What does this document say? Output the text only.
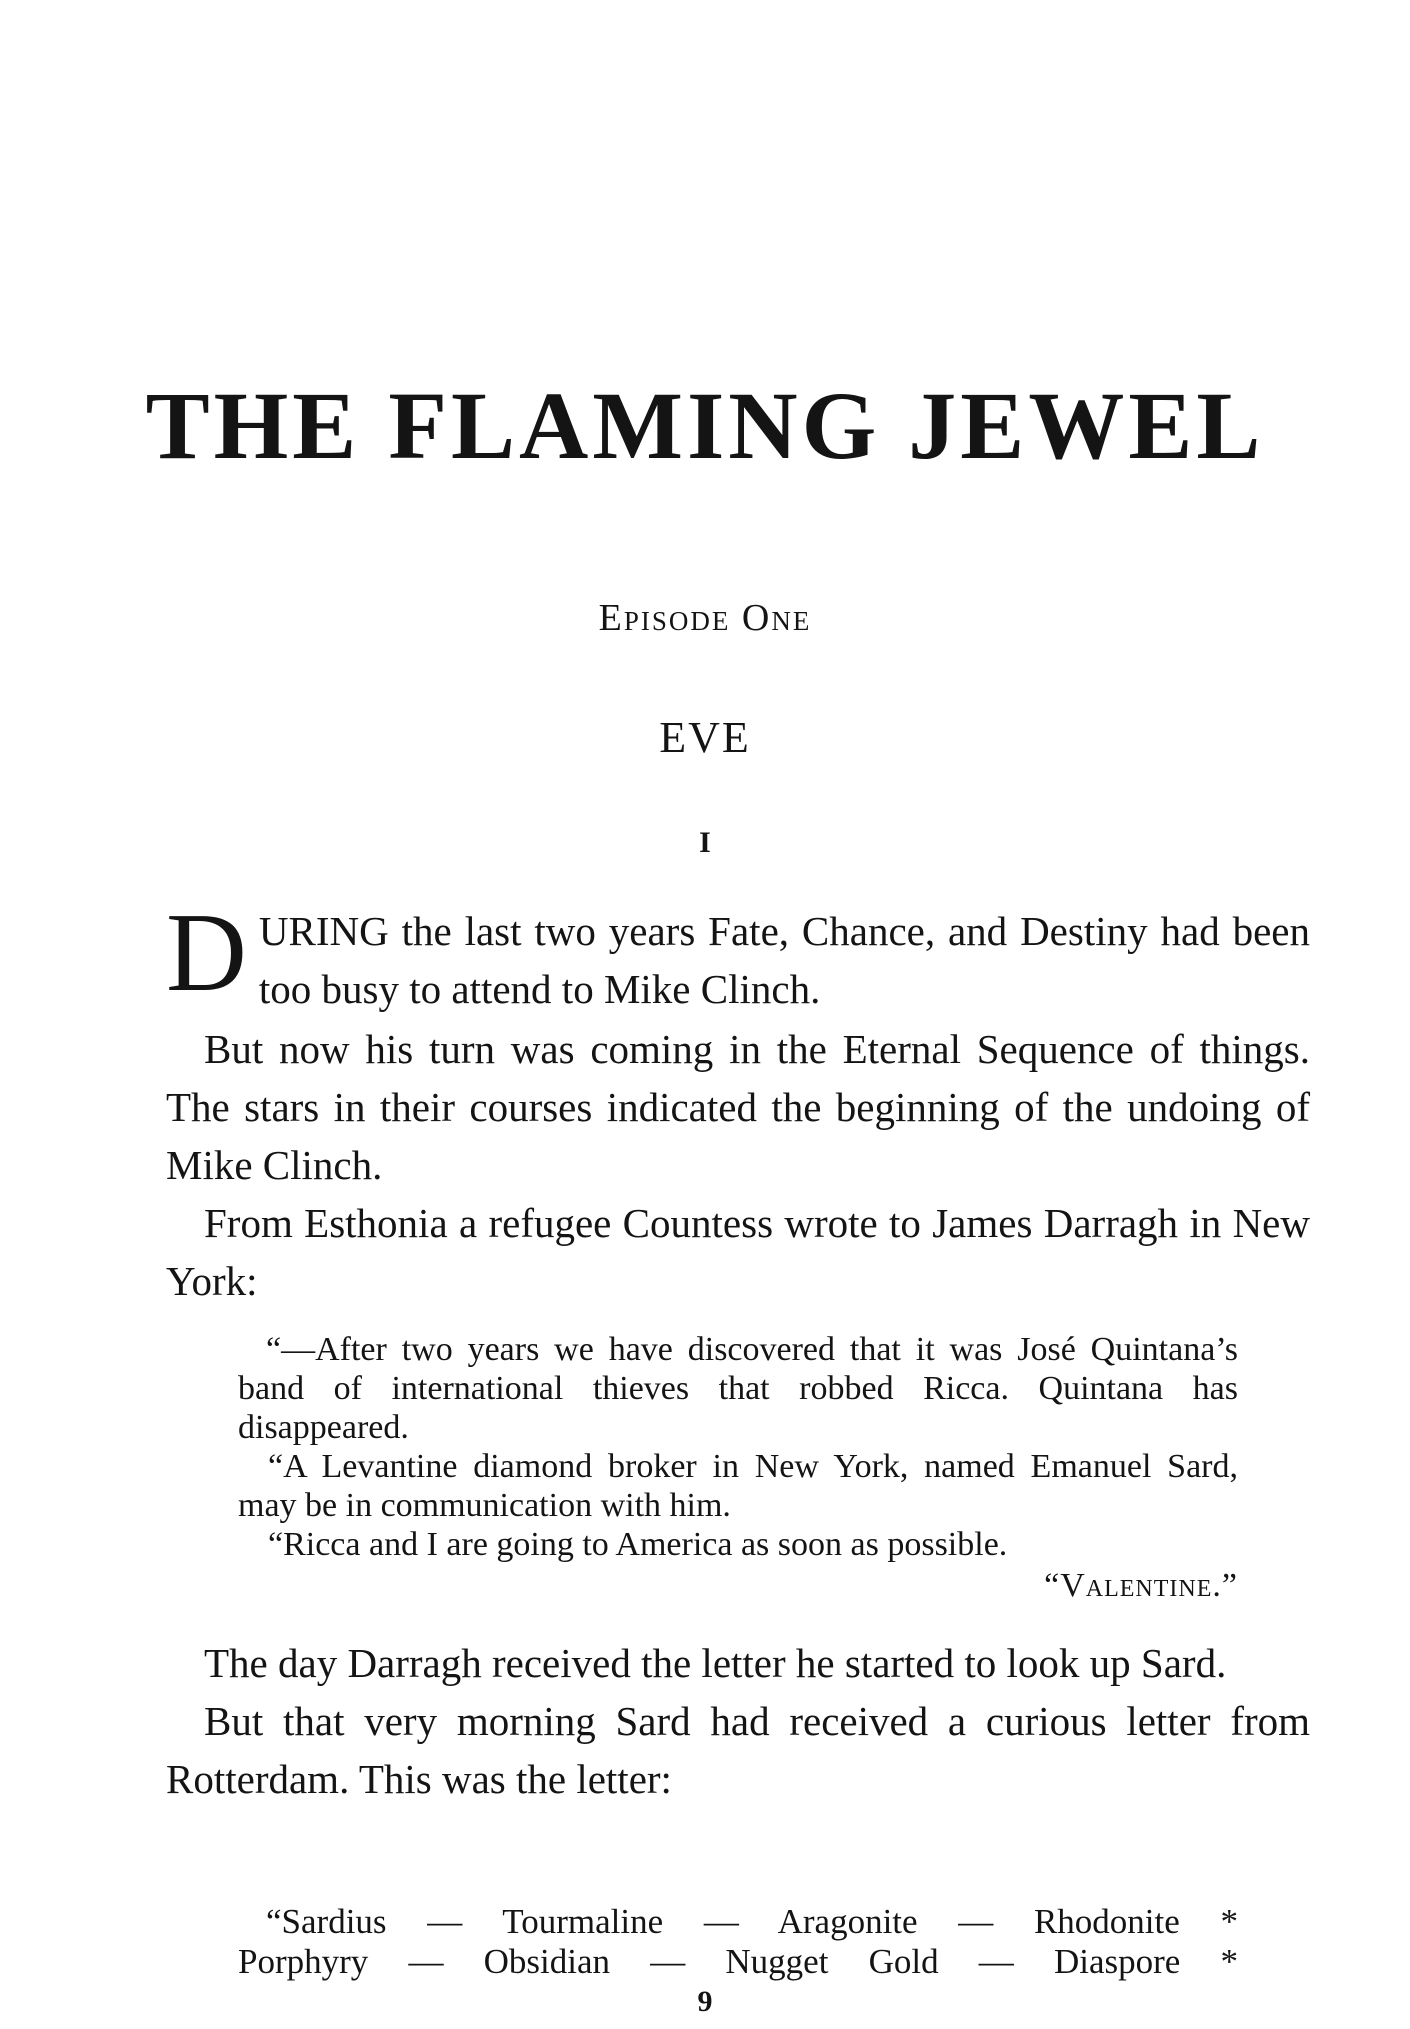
THE FLAMING JEWEL
Episode One
EVE
I

D URING the last two years Fate, Chance, and Destiny had been too busy to attend to Mike Clinch.

But now his turn was coming in the Eternal Sequence of things. The stars in their courses indicated the beginning of the undoing of Mike Clinch.

From Esthonia a refugee Countess wrote to James Darragh in New York:

“—After two years we have discovered that it was José Quintana’s band of international thieves that robbed Ricca. Quintana has disappeared.

“A Levantine diamond broker in New York, named Emanuel Sard, may be in communication with him.

“Ricca and I are going to America as soon as possible.

“Valentine.”

The day Darragh received the letter he started to look up Sard.

But that very morning Sard had received a curious letter from Rotterdam. This was the letter:

“Sardius — Tourmaline — Aragonite — Rhodonite *
Porphyry — Obsidian — Nugget Gold — Diaspore *
9
